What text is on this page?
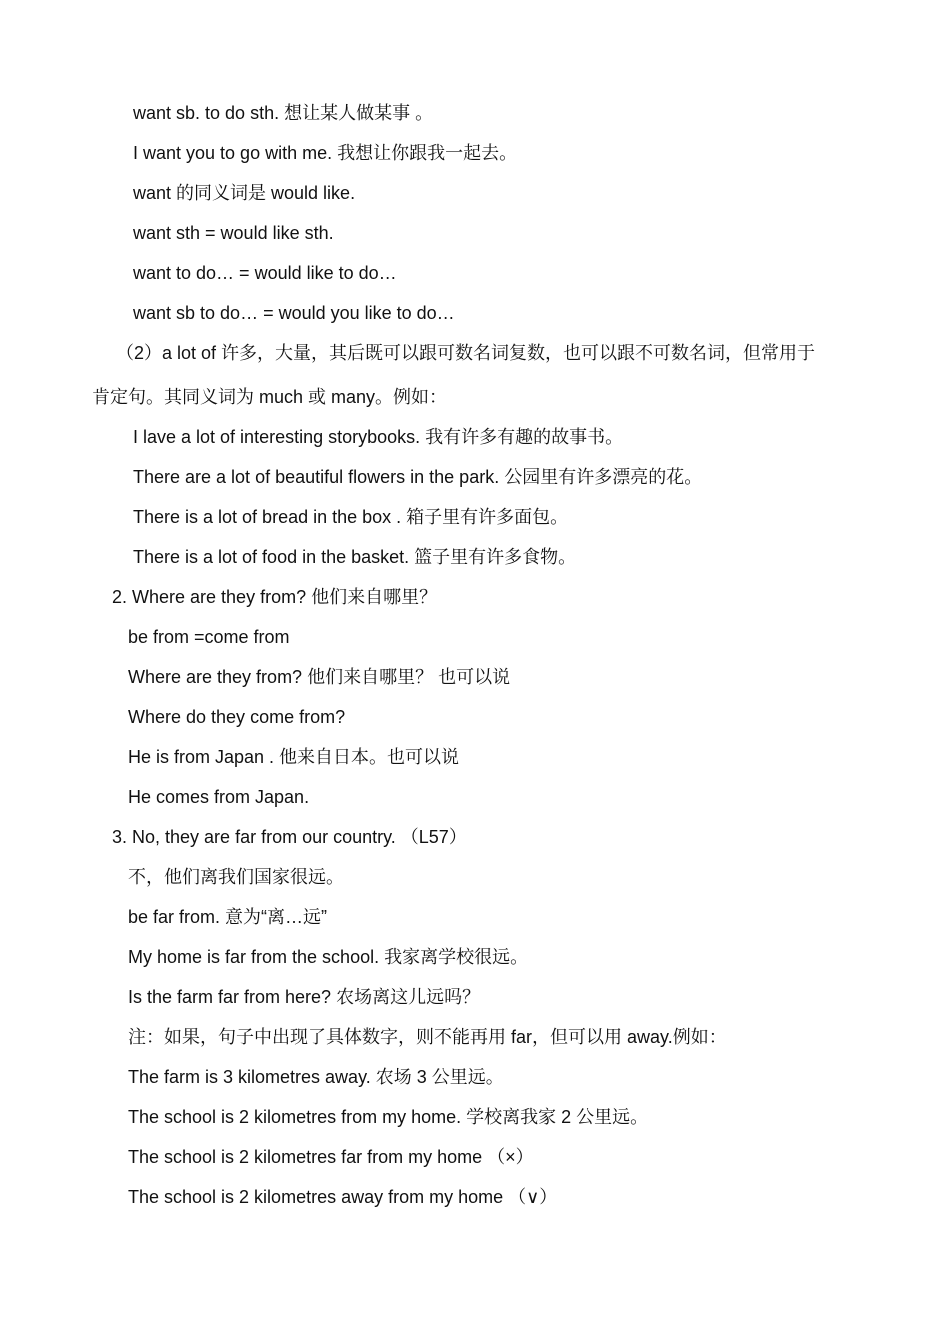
want sb. to do sth. 想让某人做某事 。
I want you to go with me. 我想让你跟我一起去。
want 的同义词是 would like.
want sth = would like sth.
want to do… = would like to do…
want sb to do… = would you like to do…
（2）a lot of 许多，大量，其后既可以跟可数名词复数，也可以跟不可数名词，但常用于
肯定句。其同义词为 much 或 many。例如：
I lave a lot of interesting storybooks. 我有许多有趣的故事书。
There are a lot of beautiful flowers in the park. 公园里有许多漂亮的花。
There is a lot of bread in the box . 箱子里有许多面包。
There is a lot of food in the basket. 篮子里有许多食物。
2. Where are they from? 他们来自哪里？
be from =come from
Where are they from? 他们来自哪里？ 也可以说
Where do they come from?
He is from Japan . 他来自日本。也可以说
He comes from Japan.
3. No, they are far from our country. （L57）
不，他们离我们国家很远。
be far from. 意为“离…远”
My home is far from the school. 我家离学校很远。
Is the farm far from here? 农场离这儿远吗？
注：如果，句子中出现了具体数字，则不能再用 far，但可以用 away.例如：
The farm is 3 kilometres away. 农场 3 公里远。
The school is 2 kilometres from my home. 学校离我家 2 公里远。
The school is 2 kilometres far from my home （×）
The school is 2 kilometres away from my home （∨）
